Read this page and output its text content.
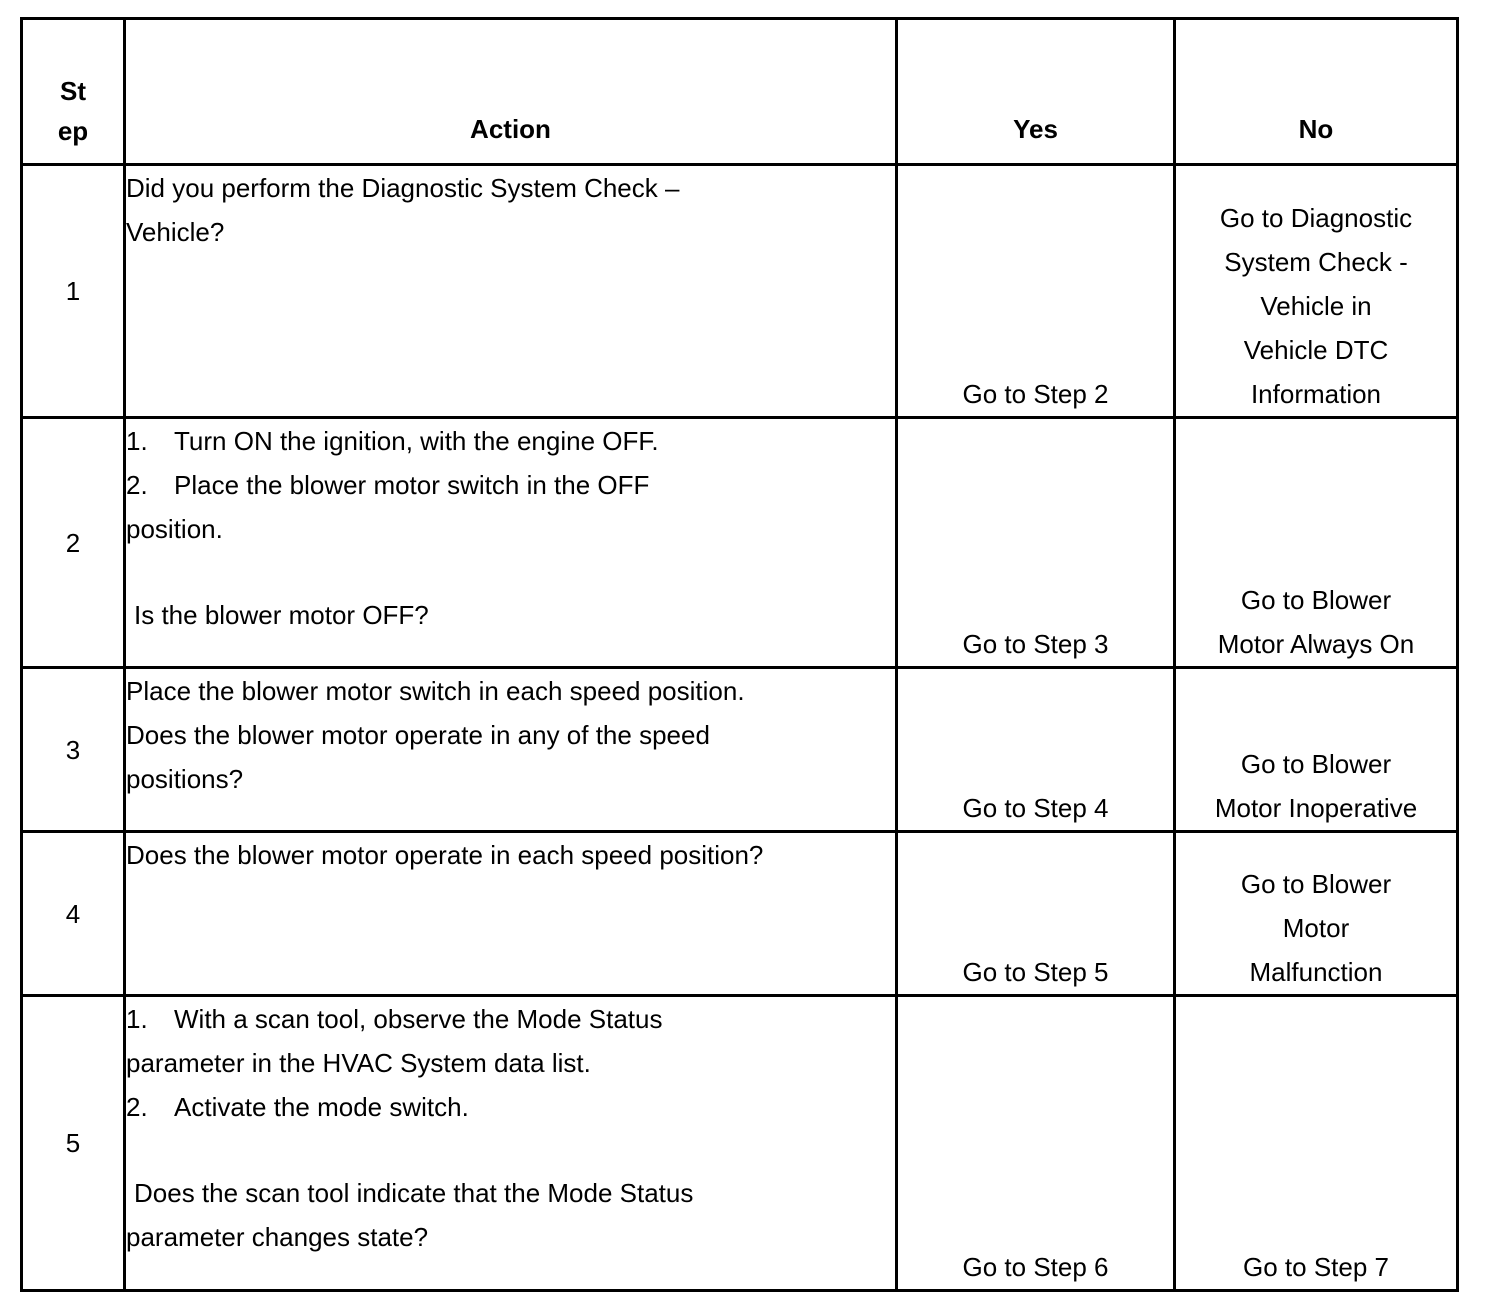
St
ep	Action	Yes	No
1	Did you perform the Diagnostic System Check –
Vehicle?	Go to Step 2	Go to Diagnostic
System Check -
Vehicle in
Vehicle DTC
Information

2	1. Turn ON the ignition, with the engine OFF.
2. Place the blower motor switch in the OFF
position.
Is the blower motor OFF?	Go to Step 3	Go to Blower
Motor Always On

3	Place the blower motor switch in each speed position.
Does the blower motor operate in any of the speed
positions?	Go to Step 4	Go to Blower
Motor Inoperative

4	Does the blower motor operate in each speed position?	Go to Step 5	Go to Blower
Motor
Malfunction

5	1. With a scan tool, observe the Mode Status
parameter in the HVAC System data list.
2. Activate the mode switch.
Does the scan tool indicate that the Mode Status
parameter changes state?	Go to Step 6	Go to Step 7
